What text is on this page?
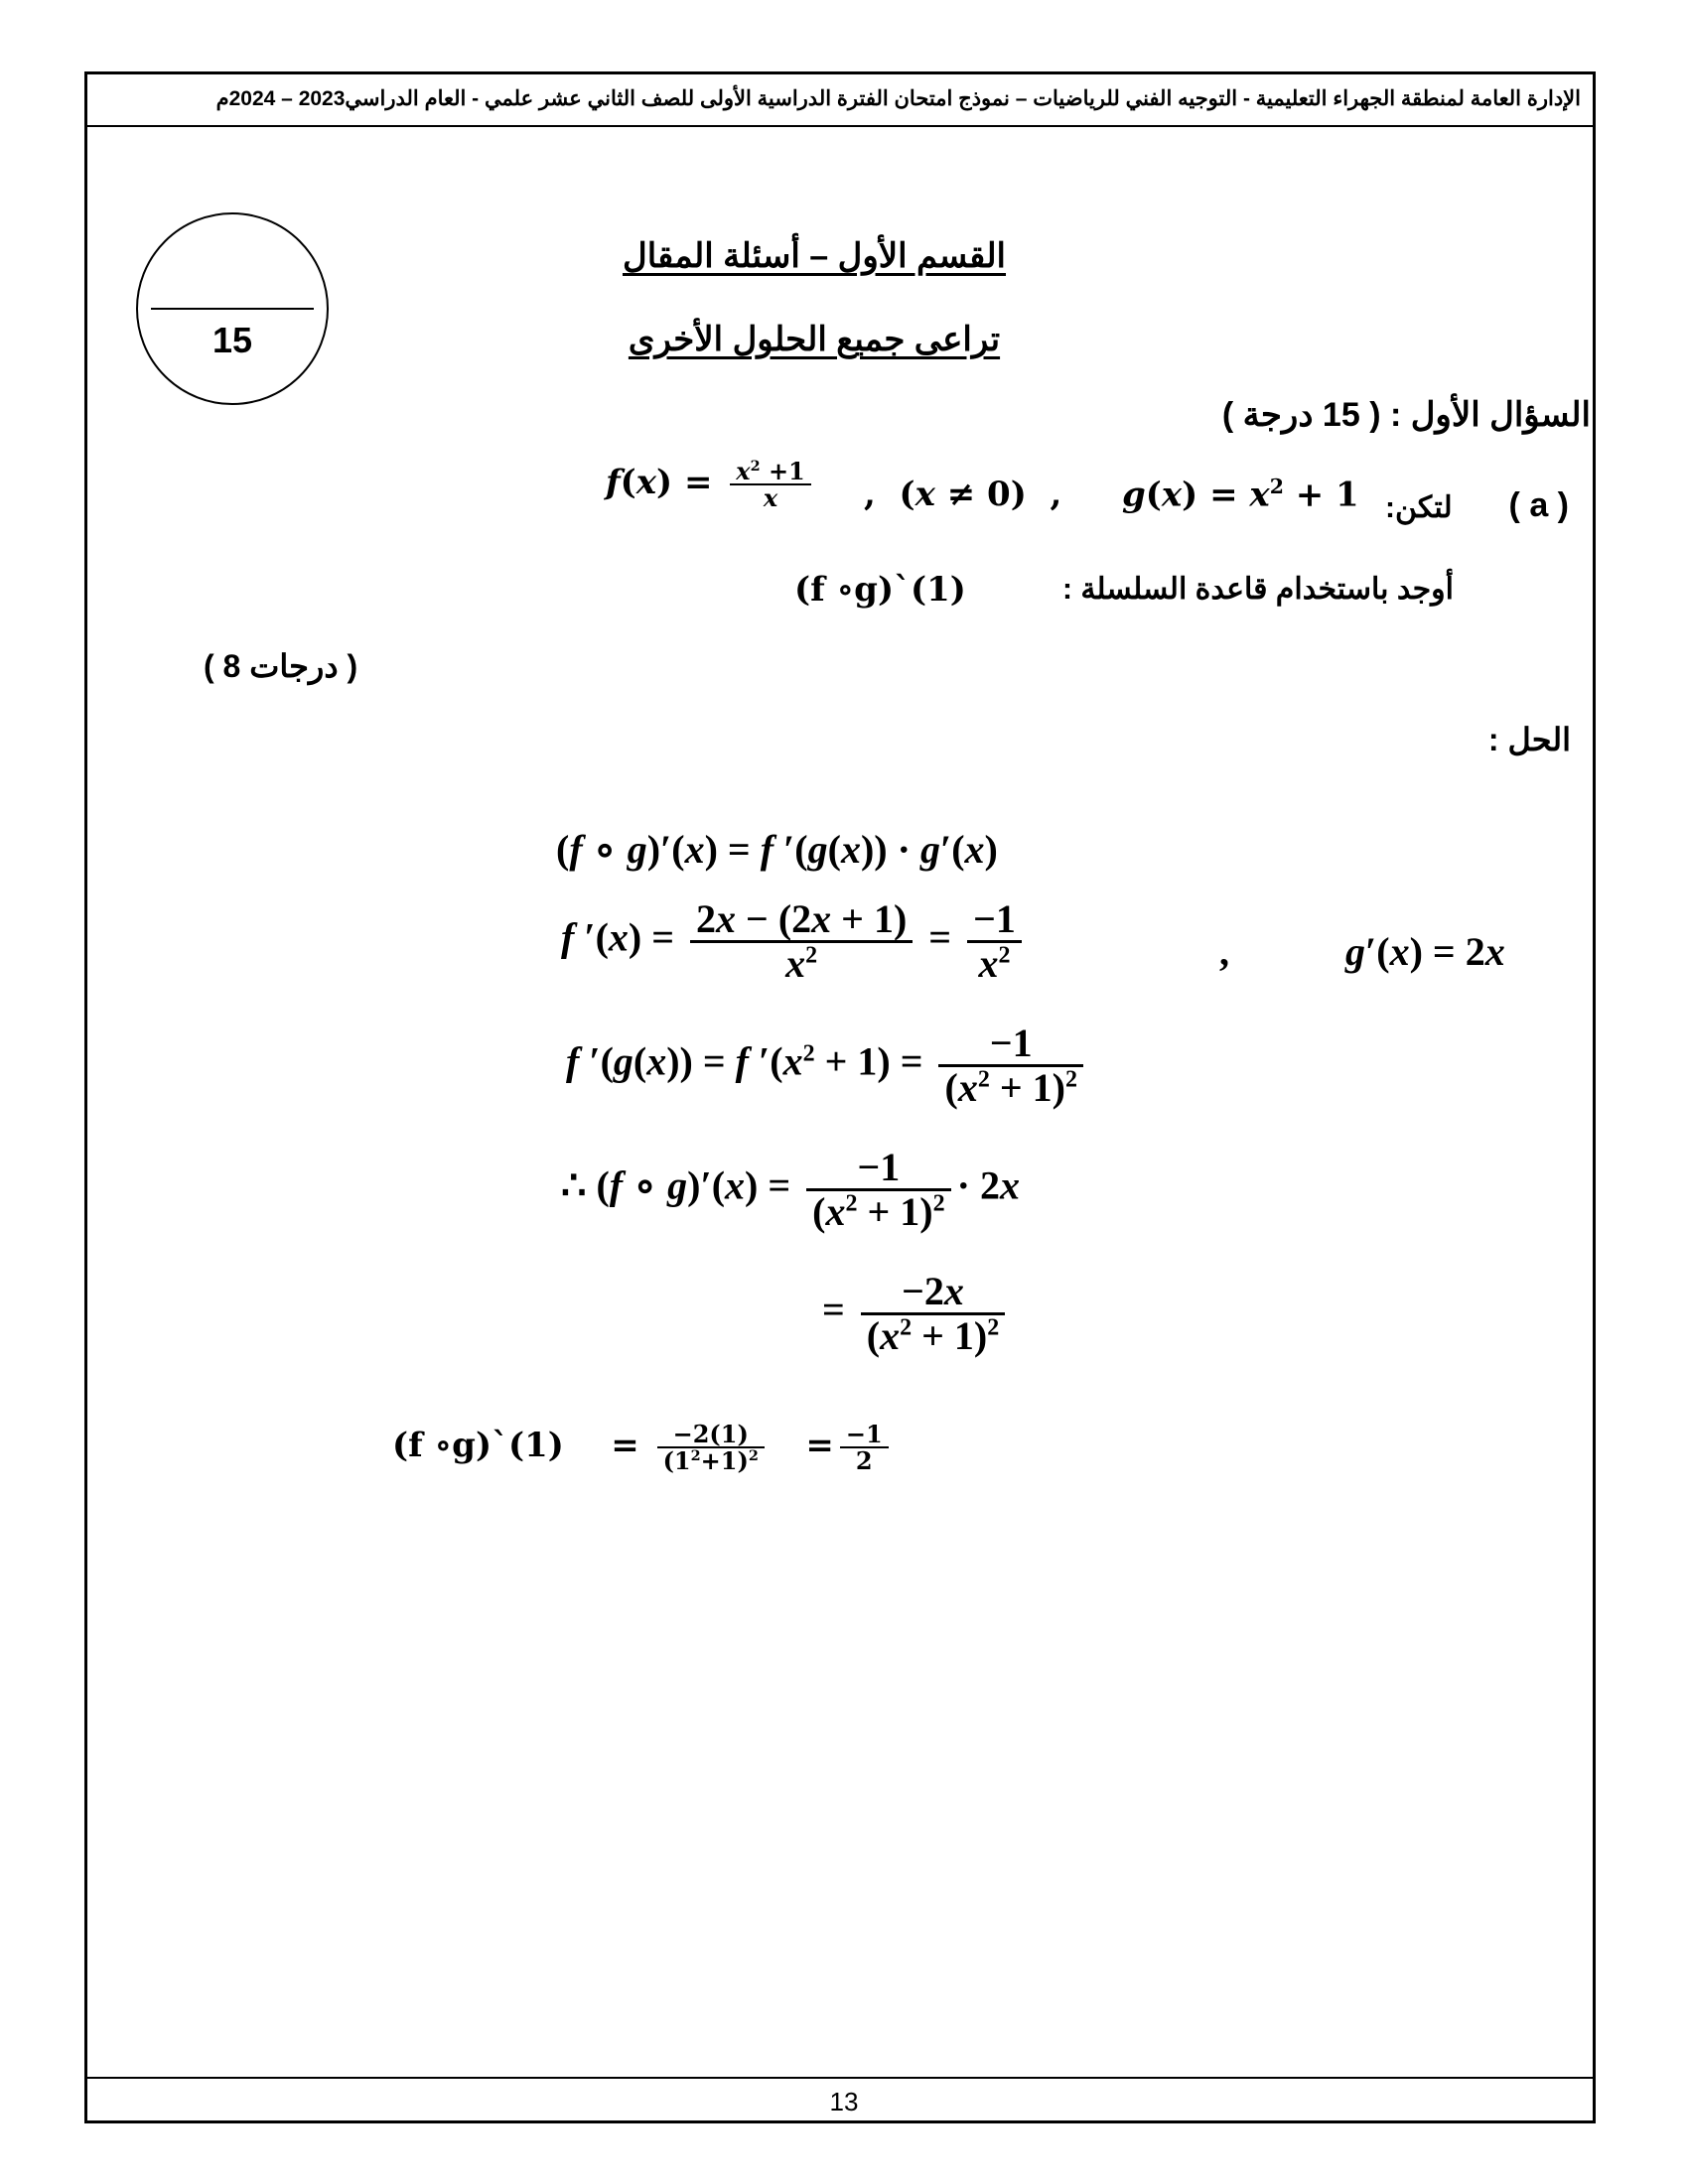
الإدارة العامة لمنطقة الجهراء التعليمية - التوجيه الفني للرياضيات – نموذج امتحان الفترة الدراسية الأولى للصف الثاني عشر علمي - العام الدراسي2023 – 2024م
15
القسم الأول – أسئلة المقال
تراعى جميع الحلول الأخرى
السؤال الأول : ( 15 درجة )
( a )
لتكن:
$g(x) = x^2 + 1$
,  (x ≠ 0)  ,
$f(x) = \frac{x^2 +1}{x}$
أوجد باستخدام قاعدة السلسلة :
(f ∘g)`(1)
( 8 درجات )
الحل :
(f ∘ g)′(x) = f ′(g(x)) · g′(x)
f $'(x) = \frac{2x - (2x + 1)}{x^2} = \frac{-1}{x^2}$	,	g′(x) = 2x
f ′(g(x)) = f $'(x^2 + 1) = \frac{-1}{(x^2 + 1)^2}$
∴ (f ∘ $g)'(x) = \frac{-1}{(x^2 + 1)^2} \cdot 2x$
= $\frac{-2x}{(x^2 + 1)^2}$
(f ∘g)`(1)    = $\frac{-2(1)}{(1^2+1)^2} = \frac{-1}{2}$
13
